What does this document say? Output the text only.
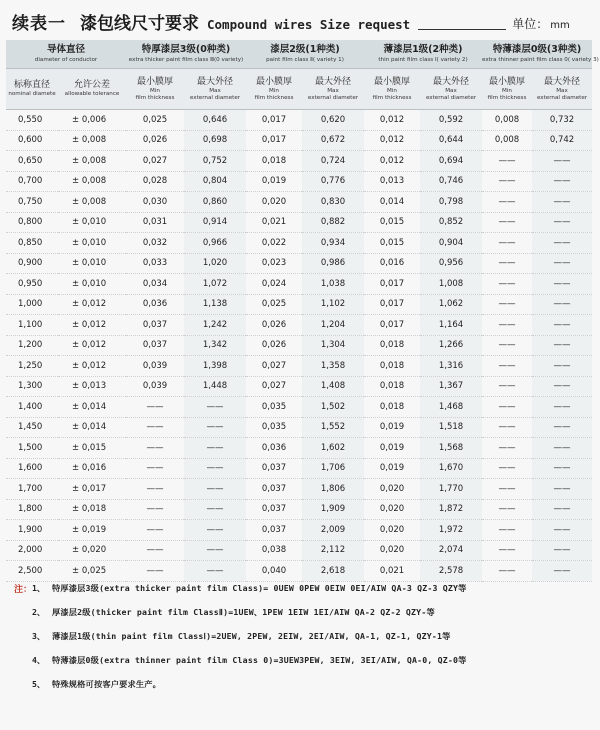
续表一 漆包线尺寸要求 Compound wires Size request	单位： mm
导体直径
diameter of conductor		特厚漆层3级(0种类)
extra thicker paint film class Ⅲ(0 variety)		漆层2级(1种类)
paint film class Ⅱ( variety 1)		薄漆层1级(2种类)
thin paint film class Ⅰ( variety 2)		特薄漆层0级(3种类)
extra thinner paint film class 0( variety 3)	

标称直径
nominal diamete	允许公差
allowable tolerance	最小膜厚
Min
film thickness	最大外径
Max
external diameter	最小膜厚
Min
film thickness	最大外径
Max
external diameter	最小膜厚
Min
film thickness	最大外径
Max
external diameter	最小膜厚
Min
film thickness	最大外径
Max
external diameter

0,550	± 0,006	0,025	0,646	0,017	0,620	0,012	0,592	0,008	0,732
0,600	± 0,008	0,026	0,698	0,017	0,672	0,012	0,644	0,008	0,742
0,650	± 0,008	0,027	0,752	0,018	0,724	0,012	0,694	——	——
0,700	± 0,008	0,028	0,804	0,019	0,776	0,013	0,746	——	——
0,750	± 0,008	0,030	0,860	0,020	0,830	0,014	0,798	——	——
0,800	± 0,010	0,031	0,914	0,021	0,882	0,015	0,852	——	——
0,850	± 0,010	0,032	0,966	0,022	0,934	0,015	0,904	——	——
0,900	± 0,010	0,033	1,020	0,023	0,986	0,016	0,956	——	——
0,950	± 0,010	0,034	1,072	0,024	1,038	0,017	1,008	——	——
1,000	± 0,012	0,036	1,138	0,025	1,102	0,017	1,062	——	——
1,100	± 0,012	0,037	1,242	0,026	1,204	0,017	1,164	——	——
1,200	± 0,012	0,037	1,342	0,026	1,304	0,018	1,266	——	——
1,250	± 0,012	0,039	1,398	0,027	1,358	0,018	1,316	——	——
1,300	± 0,013	0,039	1,448	0,027	1,408	0,018	1,367	——	——
1,400	± 0,014	——	——	0,035	1,502	0,018	1,468	——	——
1,450	± 0,014	——	——	0,035	1,552	0,019	1,518	——	——
1,500	± 0,015	——	——	0,036	1,602	0,019	1,568	——	——
1,600	± 0,016	——	——	0,037	1,706	0,019	1,670	——	——
1,700	± 0,017	——	——	0,037	1,806	0,020	1,770	——	——
1,800	± 0,018	——	——	0,037	1,909	0,020	1,872	——	——
1,900	± 0,019	——	——	0,037	2,009	0,020	1,972	——	——
2,000	± 0,020	——	——	0,038	2,112	0,020	2,074	——	——
2,500	± 0,025	——	——	0,040	2,618	0,021	2,578	——	——
注： 1、 特厚漆层3级(extra thicker paint film Class)= 0UEW 0PEW 0EIW 0EI/AIW QA-3 QZ-3 QZY等
2、 厚漆层2级(thicker paint film ClassⅡ)=1UEW、1PEW 1EIW 1EI/AIW QA-2 QZ-2 QZY-等
3、 薄漆层1级(thin paint film ClassⅠ)=2UEW, 2PEW, 2EIW, 2EI/AIW, QA-1, QZ-1, QZY-1等
4、 特薄漆层0级(extra thinner paint film Class 0)=3UEW3PEW, 3EIW, 3EI/AIW, QA-0, QZ-0等
5、 特殊规格可按客户要求生产。
